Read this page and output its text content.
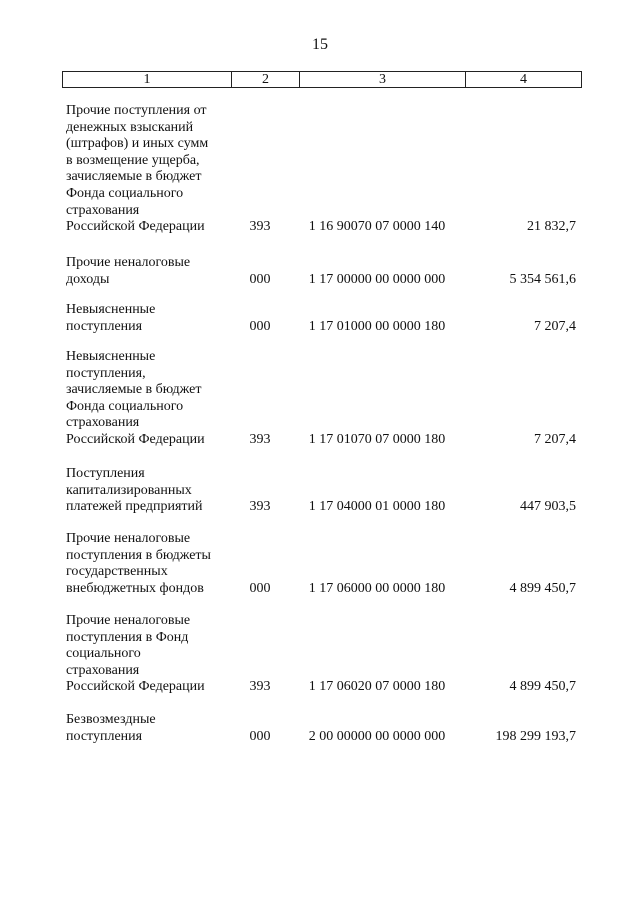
15
1	2	3	4
Прочие поступления от
денежных взысканий
(штрафов) и иных сумм
в возмещение ущерба,
зачисляемые в бюджет
Фонда социального
страхования
Российской Федерации	393	1 16 90070 07 0000 140	21 832,7
Прочие неналоговые
доходы	000	1 17 00000 00 0000 000	5 354 561,6
Невыясненные
поступления	000	1 17 01000 00 0000 180	7 207,4
Невыясненные
поступления,
зачисляемые в бюджет
Фонда социального
страхования
Российской Федерации	393	1 17 01070 07 0000 180	7 207,4
Поступления
капитализированных
платежей предприятий	393	1 17 04000 01 0000 180	447 903,5
Прочие неналоговые
поступления в бюджеты
государственных
внебюджетных фондов	000	1 17 06000 00 0000 180	4 899 450,7
Прочие неналоговые
поступления в Фонд
социального
страхования
Российской Федерации	393	1 17 06020 07 0000 180	4 899 450,7
Безвозмездные
поступления	000	2 00 00000 00 0000 000	198 299 193,7
